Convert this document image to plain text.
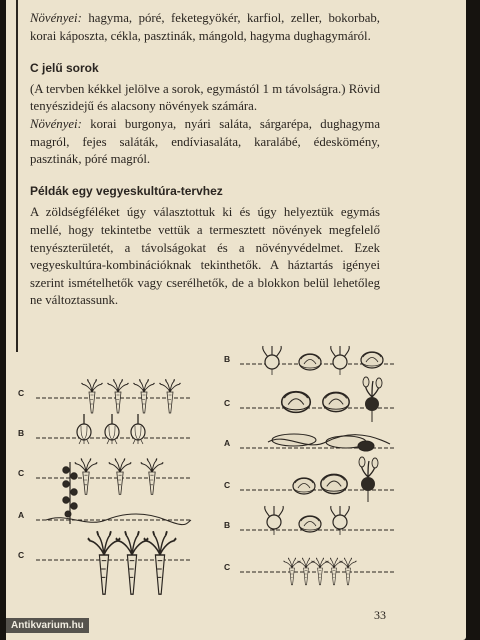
Növényei: hagyma, póré, feketegyökér, karfiol, zeller, bokorbab, korai káposzta, cékla, pasztinák, mángold, hagyma dughagymáról.

C jelű sorok

(A tervben kékkel jelölve a sorok, egymástól 1 m távolságra.) Rövid tenyészidejű és alacsony növények számára.

Növényei: korai burgonya, nyári saláta, sárgarépa, dughagyma magról, fejes saláták, endíviasaláta, karalábé, édeskömény, pasztinák, póré magról.

Példák egy vegyeskultúra-tervhez

A zöldségféléket úgy választottuk ki és úgy helyeztük egymás mellé, hogy tekintetbe vettük a termesztett növények megfelelő tenyészterületét, a távolságokat és a növényvédelmet. Ezek vegyeskultúra-kombinációknak tekinthetők. A háztartás igényei szerint ismételhetők vagy cserélhetők, de a blokkon belül lehetőleg ne változtassunk.

C
B
C
A
C
B
C
A
C
B
C
33
Antikvarium.hu
